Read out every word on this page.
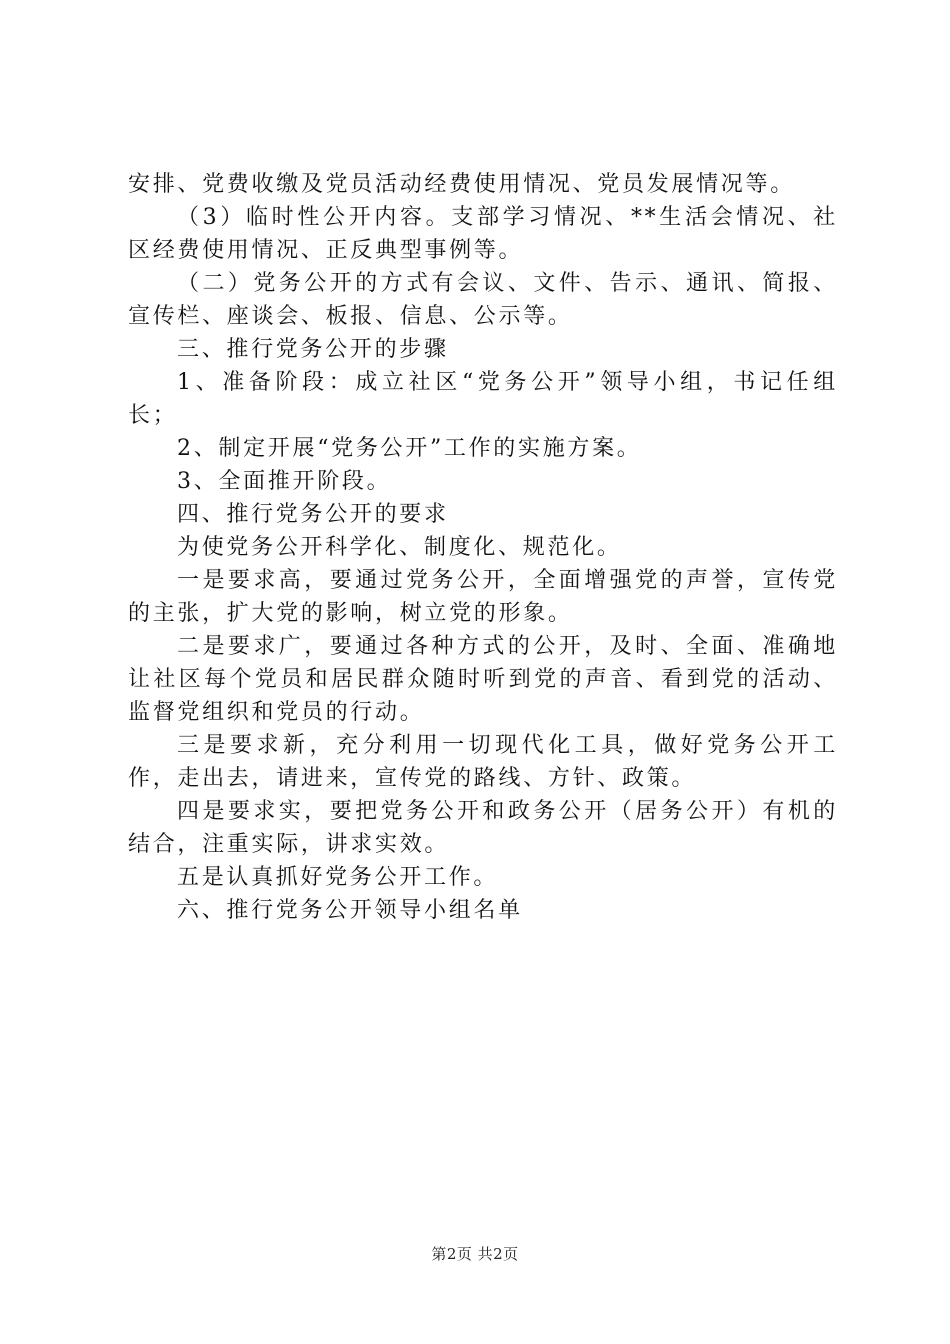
安排、党费收缴及党员活动经费使用情况、党员发展情况等。

（3）临时性公开内容。支部学习情况、**生活会情况、社区经费使用情况、正反典型事例等。

（二）党务公开的方式有会议、文件、告示、通讯、简报、宣传栏、座谈会、板报、信息、公示等。

三、推行党务公开的步骤

1、准备阶段：成立社区“党务公开”领导小组，书记任组长；

2、制定开展“党务公开”工作的实施方案。

3、全面推开阶段。

四、推行党务公开的要求

为使党务公开科学化、制度化、规范化。

一是要求高，要通过党务公开，全面增强党的声誉，宣传党的主张，扩大党的影响，树立党的形象。

二是要求广，要通过各种方式的公开，及时、全面、准确地让社区每个党员和居民群众随时听到党的声音、看到党的活动、监督党组织和党员的行动。

三是要求新，充分利用一切现代化工具，做好党务公开工作，走出去，请进来，宣传党的路线、方针、政策。

四是要求实，要把党务公开和政务公开（居务公开）有机的结合，注重实际，讲求实效。

五是认真抓好党务公开工作。

六、推行党务公开领导小组名单

第2页 共2页
